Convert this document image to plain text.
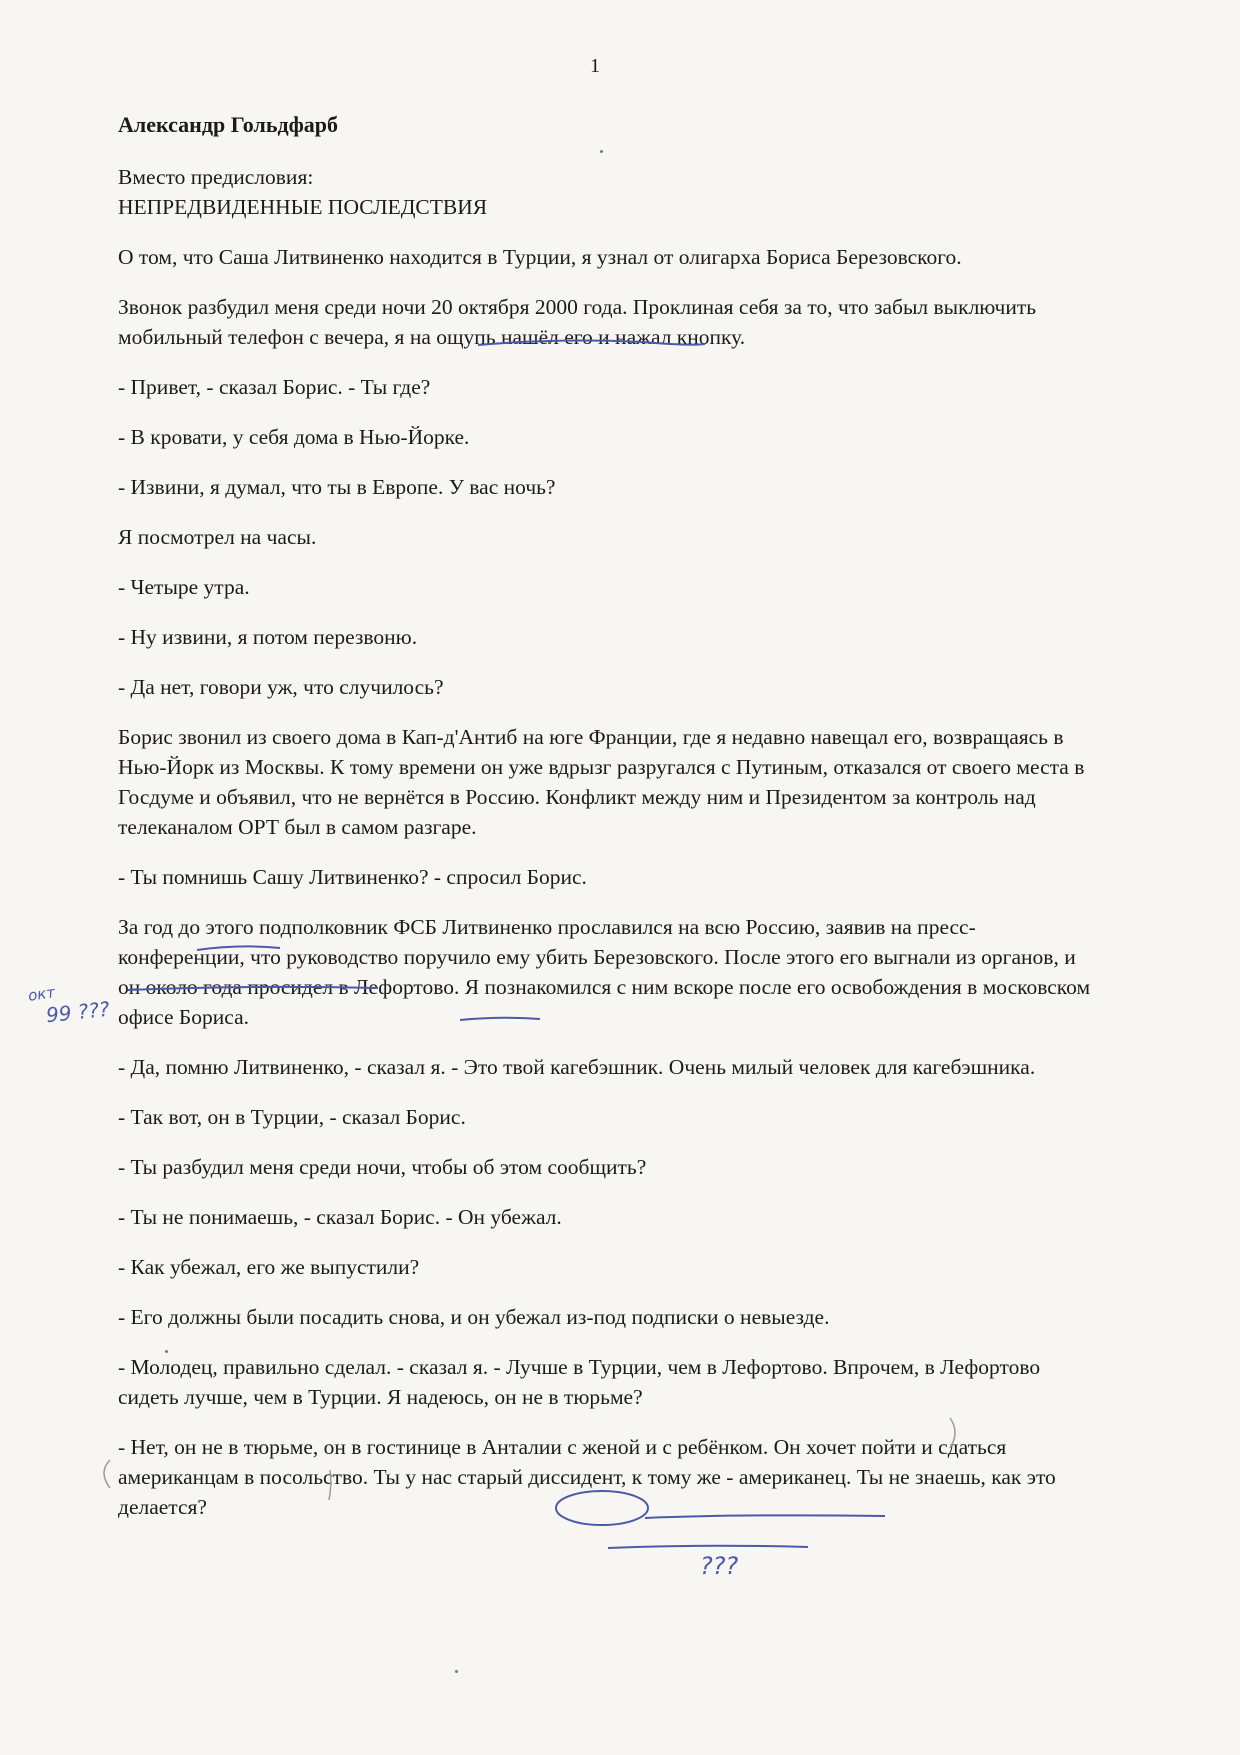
1

Александр Гольдфарб

Вместо предисловия:

НЕПРЕДВИДЕННЫЕ ПОСЛЕДСТВИЯ

О том, что Саша Литвиненко находится в Турции, я узнал от олигарха Бориса Березовского.

Звонок разбудил меня среди ночи 20 октября 2000 года. Проклиная себя за то, что забыл выключить мобильный телефон с вечера, я на ощупь нашёл его и нажал кнопку.

- Привет, - сказал Борис. - Ты где?

- В кровати, у себя дома в Нью-Йорке.

- Извини, я думал, что ты в Европе. У вас ночь?

Я посмотрел на часы.

- Четыре утра.

- Ну извини, я потом перезвоню.

- Да нет, говори уж, что случилось?

Борис звонил из своего дома в Кап-д'Антиб на юге Франции, где я недавно навещал его, возвращаясь в Нью-Йорк из Москвы. К тому времени он уже вдрызг разругался с Путиным, отказался от своего места в Госдуме и объявил, что не вернётся в Россию. Конфликт между ним и Президентом за контроль над телеканалом ОРТ был в самом разгаре.

- Ты помнишь Сашу Литвиненко? - спросил Борис.

За год до этого подполковник ФСБ Литвиненко прославился на всю Россию, заявив на пресс-конференции, что руководство поручило ему убить Березовского. После этого его выгнали из органов, и он около года просидел в Лефортово. Я познакомился с ним вскоре после его освобождения в московском офисе Бориса.

- Да, помню Литвиненко, - сказал я. - Это твой кагебэшник. Очень милый человек для кагебэшника.

- Так вот, он в Турции, - сказал Борис.

- Ты разбудил меня среди ночи, чтобы об этом сообщить?

- Ты не понимаешь, - сказал Борис. - Он убежал.

- Как убежал, его же выпустили?

- Его должны были посадить снова, и он убежал из-под подписки о невыезде.

- Молодец, правильно сделал. - сказал я. - Лучше в Турции, чем в Лефортово. Впрочем, в Лефортово сидеть лучше, чем в Турции. Я надеюсь, он не в тюрьме?

- Нет, он не в тюрьме, он в гостинице в Анталии с женой и с ребёнком. Он хочет пойти и сдаться американцам в посольство. Ты у нас старый диссидент, к тому же - американец. Ты не знаешь, как это делается?

окт
99 ???
???
